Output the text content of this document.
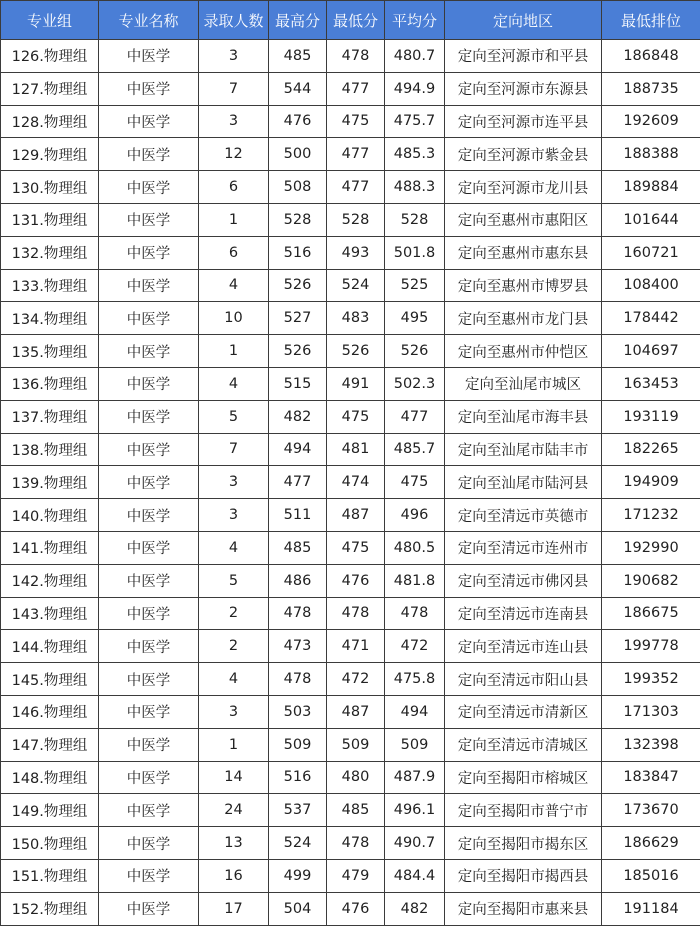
专业组	专业名称	录取人数	最高分	最低分	平均分	定向地区	最低排位
126.物理组	中医学	3	485	478	480.7	定向至河源市和平县	186848
127.物理组	中医学	7	544	477	494.9	定向至河源市东源县	188735
128.物理组	中医学	3	476	475	475.7	定向至河源市连平县	192609
129.物理组	中医学	12	500	477	485.3	定向至河源市紫金县	188388
130.物理组	中医学	6	508	477	488.3	定向至河源市龙川县	189884
131.物理组	中医学	1	528	528	528	定向至惠州市惠阳区	101644
132.物理组	中医学	6	516	493	501.8	定向至惠州市惠东县	160721
133.物理组	中医学	4	526	524	525	定向至惠州市博罗县	108400
134.物理组	中医学	10	527	483	495	定向至惠州市龙门县	178442
135.物理组	中医学	1	526	526	526	定向至惠州市仲恺区	104697
136.物理组	中医学	4	515	491	502.3	定向至汕尾市城区	163453
137.物理组	中医学	5	482	475	477	定向至汕尾市海丰县	193119
138.物理组	中医学	7	494	481	485.7	定向至汕尾市陆丰市	182265
139.物理组	中医学	3	477	474	475	定向至汕尾市陆河县	194909
140.物理组	中医学	3	511	487	496	定向至清远市英德市	171232
141.物理组	中医学	4	485	475	480.5	定向至清远市连州市	192990
142.物理组	中医学	5	486	476	481.8	定向至清远市佛冈县	190682
143.物理组	中医学	2	478	478	478	定向至清远市连南县	186675
144.物理组	中医学	2	473	471	472	定向至清远市连山县	199778
145.物理组	中医学	4	478	472	475.8	定向至清远市阳山县	199352
146.物理组	中医学	3	503	487	494	定向至清远市清新区	171303
147.物理组	中医学	1	509	509	509	定向至清远市清城区	132398
148.物理组	中医学	14	516	480	487.9	定向至揭阳市榕城区	183847
149.物理组	中医学	24	537	485	496.1	定向至揭阳市普宁市	173670
150.物理组	中医学	13	524	478	490.7	定向至揭阳市揭东区	186629
151.物理组	中医学	16	499	479	484.4	定向至揭阳市揭西县	185016
152.物理组	中医学	17	504	476	482	定向至揭阳市惠来县	191184
